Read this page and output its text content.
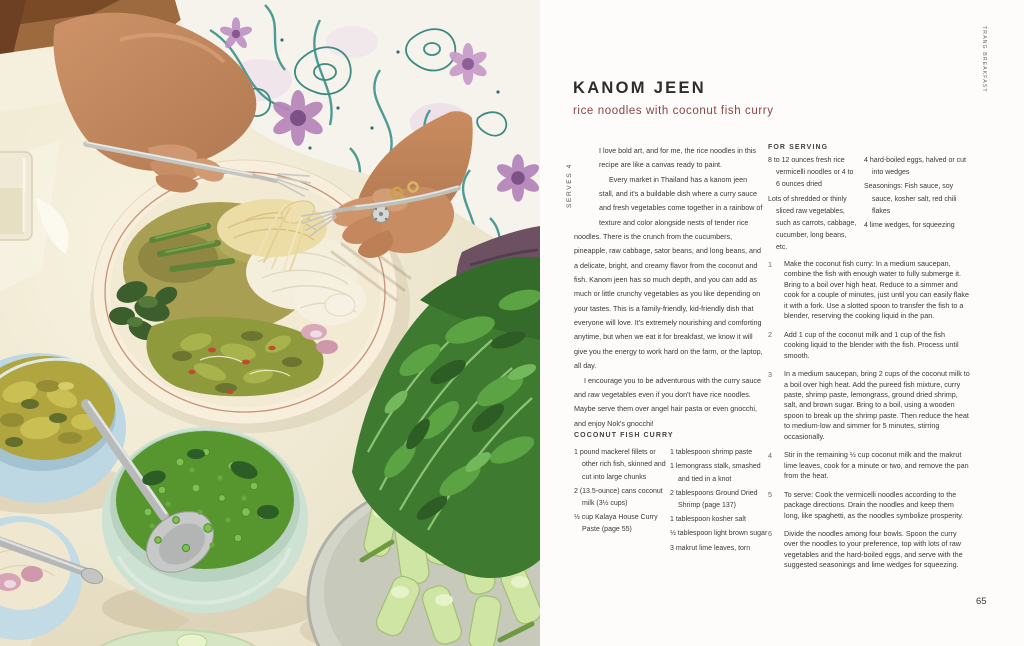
TRANG BREAKFAST
KANOM JEEN
rice noodles with coconut fish curry
SERVES 4

I love bold art, and for me, the rice noodles in this recipe are like a canvas ready to paint.

Every market in Thailand has a kanom jeen stall, and it's a buildable dish where a curry sauce and fresh vegetables come together in a rainbow of texture and color alongside nests of tender rice noodles. There is the crunch from the cucumbers, pineapple, raw cabbage, sator beans, and long beans, and a delicate, bright, and creamy flavor from the coconut and fish. Kanom jeen has so much depth, and you can add as much or little crunchy vegetables as you like depending on your tastes. This is a family-friendly, kid-friendly dish that everyone will love. It's extremely nourishing and comforting anytime, but when we eat it for breakfast, we know it will give you the energy to work hard on the farm, or the laptop, all day.

I encourage you to be adventurous with the curry sauce and raw vegetables even if you don't have rice noodles. Maybe serve them over angel hair pasta or even gnocchi, and enjoy Nok's gnocchi!

COCONUT FISH CURRY
1 pound mackerel fillets or other rich fish, skinned and cut into large chunks
2 (13.5-ounce) cans coconut milk (3½ cups)
½ cup Kalaya House Curry Paste (page 55)
1 tablespoon shrimp paste
1 lemongrass stalk, smashed and tied in a knot
2 tablespoons Ground Dried Shrimp (page 137)
1 tablespoon kosher salt
½ tablespoon light brown sugar
3 makrut lime leaves, torn
FOR SERVING
8 to 12 ounces fresh rice vermicelli noodles or 4 to 6 ounces dried
Lots of shredded or thinly sliced raw vegetables, such as carrots, cabbage, cucumber, long beans, etc.
4 hard-boiled eggs, halved or cut into wedges
Seasonings: Fish sauce, soy sauce, kosher salt, red chili flakes
4 lime wedges, for squeezing
1	Make the coconut fish curry: In a medium saucepan, combine the fish with enough water to fully submerge it. Bring to a boil over high heat. Reduce to a simmer and cook for a couple of minutes, just until you can easily flake it with a fork. Use a slotted spoon to transfer the fish to a blender, reserving the cooking liquid in the pan.
2	Add 1 cup of the coconut milk and 1 cup of the fish cooking liquid to the blender with the fish. Process until smooth.
3	In a medium saucepan, bring 2 cups of the coconut milk to a boil over high heat. Add the pureed fish mixture, curry paste, shrimp paste, lemongrass, ground dried shrimp, salt, and brown sugar. Bring to a boil, using a wooden spoon to break up the shrimp paste. Then reduce the heat to medium-low and simmer for 5 minutes, stirring occasionally.
4	Stir in the remaining ½ cup coconut milk and the makrut lime leaves, cook for a minute or two, and remove the pan from the heat.
5	To serve: Cook the vermicelli noodles according to the package directions. Drain the noodles and keep them long, like spaghetti, as the noodles symbolize prosperity.
6	Divide the noodles among four bowls. Spoon the curry over the noodles to your preference, top with lots of raw vegetables and the hard-boiled eggs, and serve with the suggested seasonings and lime wedges for squeezing.
65
